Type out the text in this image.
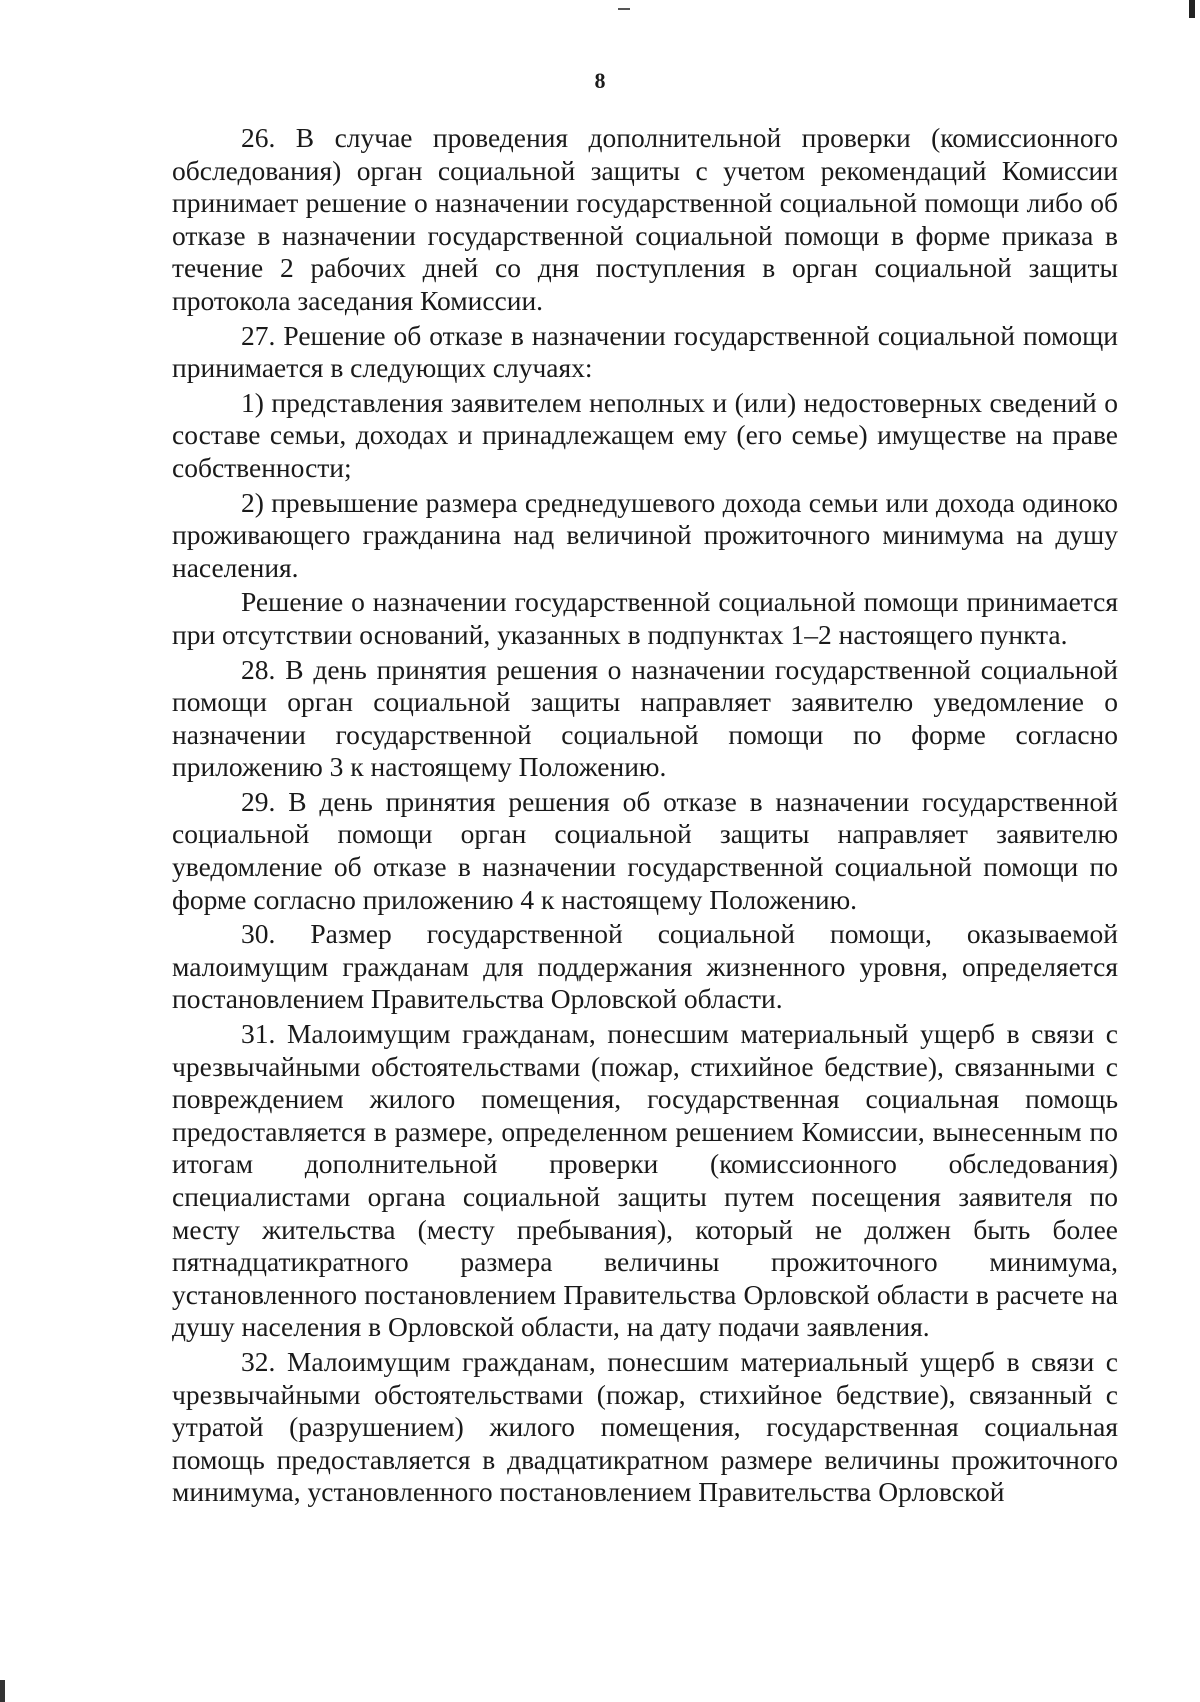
8

26. В случае проведения дополнительной проверки (комиссионного обследования) орган социальной защиты с учетом рекомендаций Комиссии принимает решение о назначении государственной социальной помощи либо об отказе в назначении государственной социальной помощи в форме приказа в течение 2 рабочих дней со дня поступления в орган социальной защиты протокола заседания Комиссии.

27. Решение об отказе в назначении государственной социальной помощи принимается в следующих случаях:

1) представления заявителем неполных и (или) недостоверных сведений о составе семьи, доходах и принадлежащем ему (его семье) имуществе на праве собственности;

2) превышение размера среднедушевого дохода семьи или дохода одиноко проживающего гражданина над величиной прожиточного минимума на душу населения.

Решение о назначении государственной социальной помощи принимается при отсутствии оснований, указанных в подпунктах 1–2 настоящего пункта.

28. В день принятия решения о назначении государственной социальной помощи орган социальной защиты направляет заявителю уведомление о назначении государственной социальной помощи по форме согласно приложению 3 к настоящему Положению.

29. В день принятия решения об отказе в назначении государственной социальной помощи орган социальной защиты направляет заявителю уведомление об отказе в назначении государственной социальной помощи по форме согласно приложению 4 к настоящему Положению.

30. Размер государственной социальной помощи, оказываемой малоимущим гражданам для поддержания жизненного уровня, определяется постановлением Правительства Орловской области.

31. Малоимущим гражданам, понесшим материальный ущерб в связи с чрезвычайными обстоятельствами (пожар, стихийное бедствие), связанными с повреждением жилого помещения, государственная социальная помощь предоставляется в размере, определенном решением Комиссии, вынесенным по итогам дополнительной проверки (комиссионного обследования) специалистами органа социальной защиты путем посещения заявителя по месту жительства (месту пребывания), который не должен быть более пятнадцатикратного размера величины прожиточного минимума, установленного постановлением Правительства Орловской области в расчете на душу населения в Орловской области, на дату подачи заявления.

32. Малоимущим гражданам, понесшим материальный ущерб в связи с чрезвычайными обстоятельствами (пожар, стихийное бедствие), связанный с утратой (разрушением) жилого помещения, государственная социальная помощь предоставляется в двадцатикратном размере величины прожиточного минимума, установленного постановлением Правительства Орловской
